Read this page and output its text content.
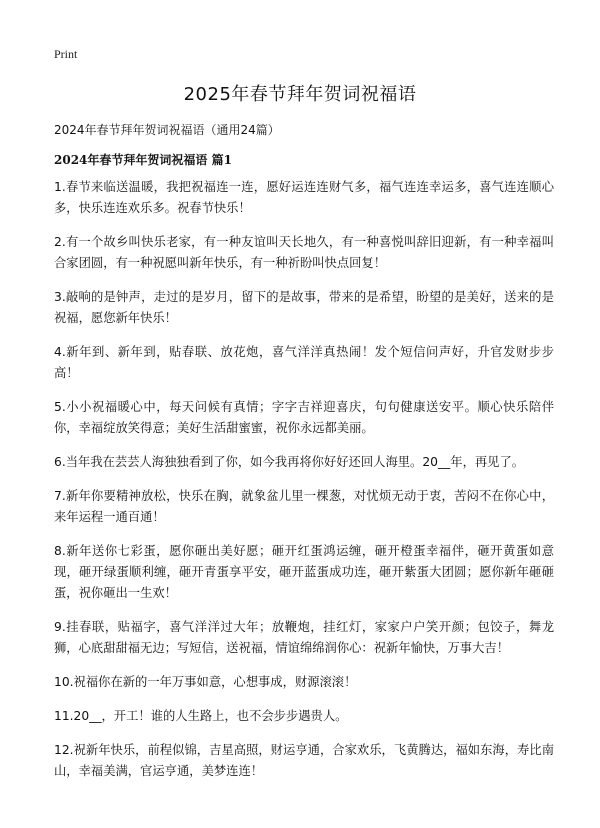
Print
2025年春节拜年贺词祝福语

2024年春节拜年贺词祝福语（通用24篇）

2024年春节拜年贺词祝福语 篇1

1.春节来临送温暖，我把祝福连一连，愿好运连连财气多，福气连连幸运多，喜气连连顺心多，快乐连连欢乐多。祝春节快乐！

2.有一个故乡叫快乐老家，有一种友谊叫天长地久，有一种喜悦叫辞旧迎新，有一种幸福叫合家团圆，有一种祝愿叫新年快乐，有一种祈盼叫快点回复！

3.敲响的是钟声，走过的是岁月，留下的是故事，带来的是希望，盼望的是美好，送来的是祝福，愿您新年快乐！

4.新年到、新年到，贴春联、放花炮，喜气洋洋真热闹！发个短信问声好，升官发财步步高！

5.小小祝福暖心中，每天问候有真情；字字吉祥迎喜庆，句句健康送安平。顺心快乐陪伴你，幸福绽放笑得意；美好生活甜蜜蜜，祝你永远都美丽。

6.当年我在芸芸人海独独看到了你，如今我再将你好好还回人海里。20__年，再见了。

7.新年你要精神放松，快乐在胸，就象盆儿里一棵葱，对忧烦无动于衷，苦闷不在你心中，来年运程一通百通！

8.新年送你七彩蛋，愿你砸出美好愿；砸开红蛋鸿运缠，砸开橙蛋幸福伴，砸开黄蛋如意现，砸开绿蛋顺利缠，砸开青蛋享平安，砸开蓝蛋成功连，砸开紫蛋大团圆；愿你新年砸砸蛋，祝你砸出一生欢！

9.挂春联，贴福字，喜气洋洋过大年；放鞭炮，挂红灯，家家户户笑开颜；包饺子，舞龙狮，心底甜甜福无边；写短信，送祝福，情谊绵绵润你心：祝新年愉快，万事大吉！

10.祝福你在新的一年万事如意，心想事成，财源滚滚！

11.20__，开工！谁的人生路上，也不会步步遇贵人。

12.祝新年快乐，前程似锦，吉星高照，财运亨通，合家欢乐，飞黄腾达，福如东海，寿比南山，幸福美满，官运亨通，美梦连连！
